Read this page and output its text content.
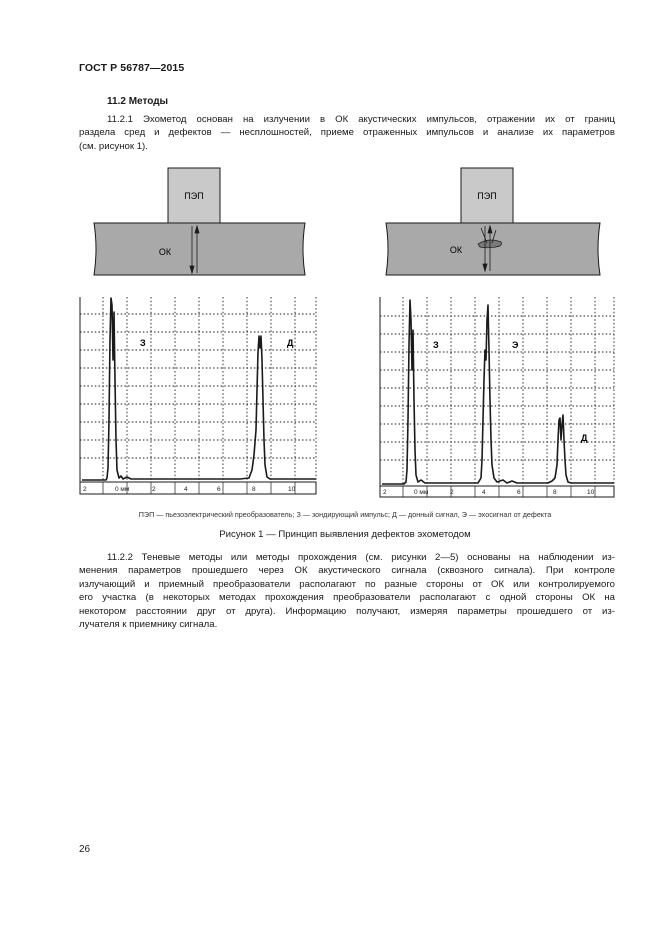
ГОСТ Р 56787—2015
11.2 Методы
11.2.1 Эхометод основан на излучении в ОК акустических импульсов, отражении их от границ
раздела сред и дефектов — несплошностей, приеме отраженных импульсов и анализе их параметров
(см. рисунок 1).
ПЭП
ОК
ПЭП
ОК
З	Д
2	0 мм	2	4	6	8	10
З	Э
Д
2	0 мм	2	4	6	8	10
ПЭП — пьезоэлектрический преобразователь; З — зондирующий импульс; Д — донный сигнал, Э — эхосигнал от дефекта
Рисунок 1 — Принцип выявления дефектов эхометодом
11.2.2 Теневые методы или методы прохождения (см. рисунки 2—5) основаны на наблюдении из-
менения параметров прошедшего через ОК акустического сигнала (сквозного сигнала). При контроле
излучающий и приемный преобразователи располагают по разные стороны от ОК или контролируемого
его участка (в некоторых методах прохождения преобразователи располагают с одной стороны ОК на
некотором расстоянии друг от друга). Информацию получают, измеряя параметры прошедшего от из-
лучателя к приемнику сигнала.
26
